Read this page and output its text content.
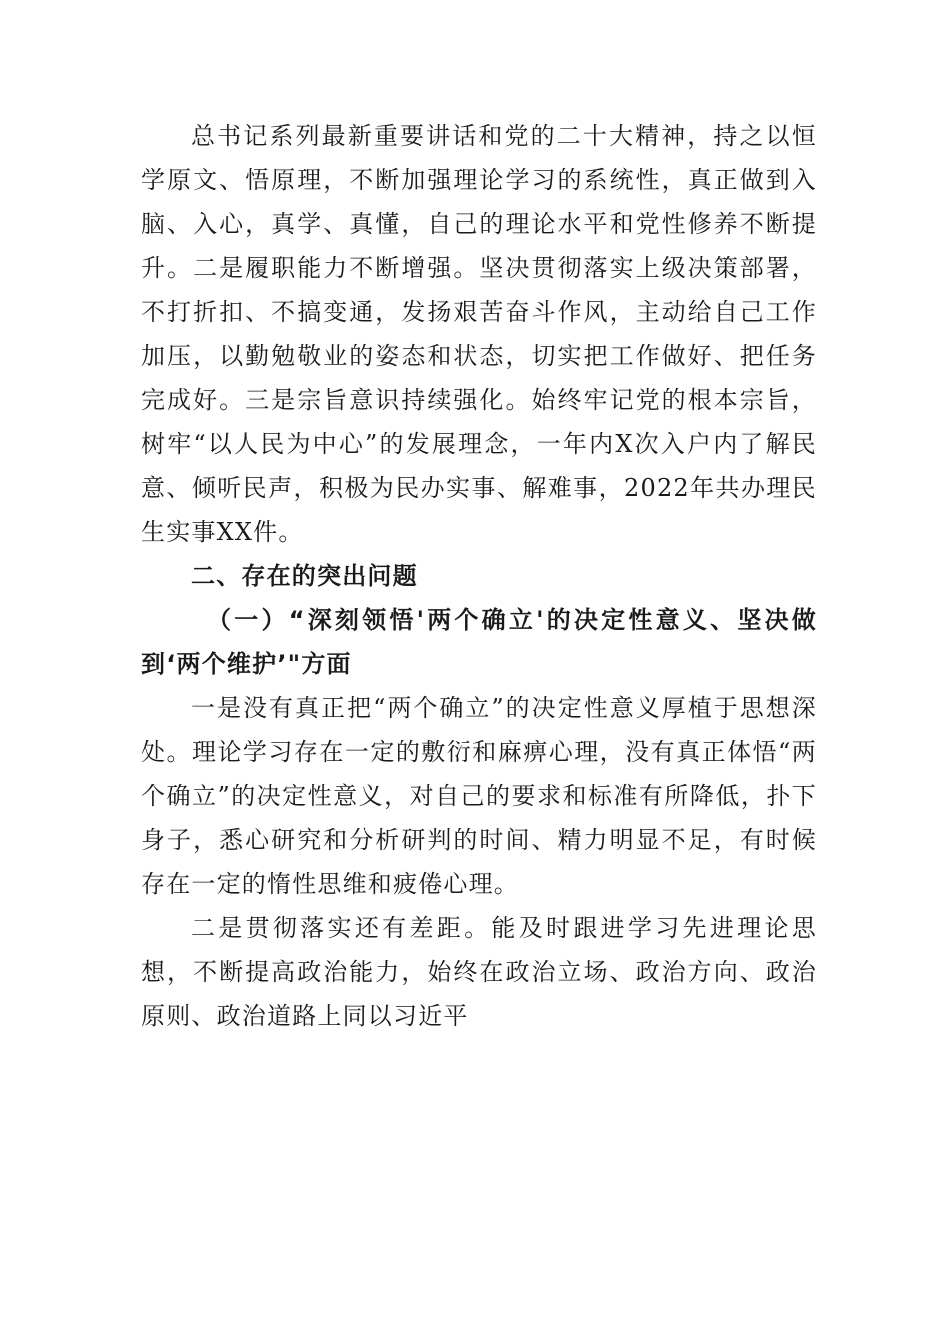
总书记系列最新重要讲话和党的二十大精神，持之以恒学原文、悟原理，不断加强理论学习的系统性，真正做到入脑、入心，真学、真懂，自己的理论水平和党性修养不断提升。二是履职能力不断增强。坚决贯彻落实上级决策部署，不打折扣、不搞变通，发扬艰苦奋斗作风，主动给自己工作加压，以勤勉敬业的姿态和状态，切实把工作做好、把任务完成好。三是宗旨意识持续强化。始终牢记党的根本宗旨，树牢“以人民为中心”的发展理念，一年内X次入户内了解民意、倾听民声，积极为民办实事、解难事，2022年共办理民生实事XX件。

二、存在的突出问题

（一）“深刻领悟'两个确立'的决定性意义、坚决做到‘两个维护’"方面

一是没有真正把“两个确立”的决定性意义厚植于思想深处。理论学习存在一定的敷衍和麻痹心理，没有真正体悟“两个确立”的决定性意义，对自己的要求和标准有所降低，扑下身子，悉心研究和分析研判的时间、精力明显不足，有时候存在一定的惰性思维和疲倦心理。

二是贯彻落实还有差距。能及时跟进学习先进理论思想，不断提高政治能力，始终在政治立场、政治方向、政治原则、政治道路上同以习近平
